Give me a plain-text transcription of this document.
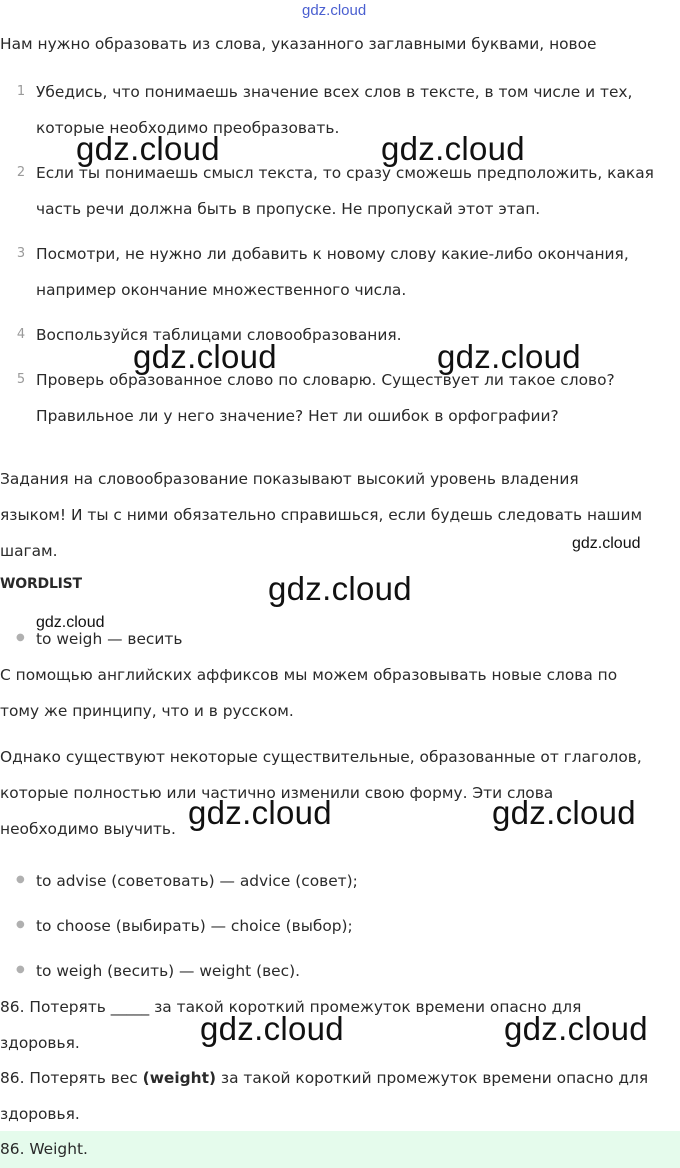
gdz.cloud
Нам нужно образовать из слова, указанного заглавными буквами, новое
1 Убедись, что понимаешь значение всех слов в тексте, в том числе и тех,
которые необходимо преобразовать.
2 Если ты понимаешь смысл текста, то сразу сможешь предположить, какая
часть речи должна быть в пропуске. Не пропускай этот этап.
3 Посмотри, не нужно ли добавить к новому слову какие-либо окончания,
например окончание множественного числа.
4 Воспользуйся таблицами словообразования.
5 Проверь образованное слово по словарю. Существует ли такое слово?
Правильное ли у него значение? Нет ли ошибок в орфографии?
Задания на словообразование показывают высокий уровень владения
языком! И ты с ними обязательно справишься, если будешь следовать нашим
шагам.
WORDLIST
● to weigh — весить
С помощью английских аффиксов мы можем образовывать новые слова по
тому же принципу, что и в русском.
Однако существуют некоторые существительные, образованные от глаголов,
которые полностью или частично изменили свою форму. Эти слова
необходимо выучить.
● to advise (советовать) — advice (совет);
● to choose (выбирать) — choice (выбор);
● to weigh (весить) — weight (вес).
86. Потерять _____ за такой короткий промежуток времени опасно для
здоровья.
86. Потерять вес (weight) за такой короткий промежуток времени опасно для
здоровья.
86. Weight.
gdz.cloud	gdz.cloud
gdz.cloud	gdz.cloud
gdz.cloud
gdz.cloud
gdz.cloud
gdz.cloud	gdz.cloud
gdz.cloud	gdz.cloud
